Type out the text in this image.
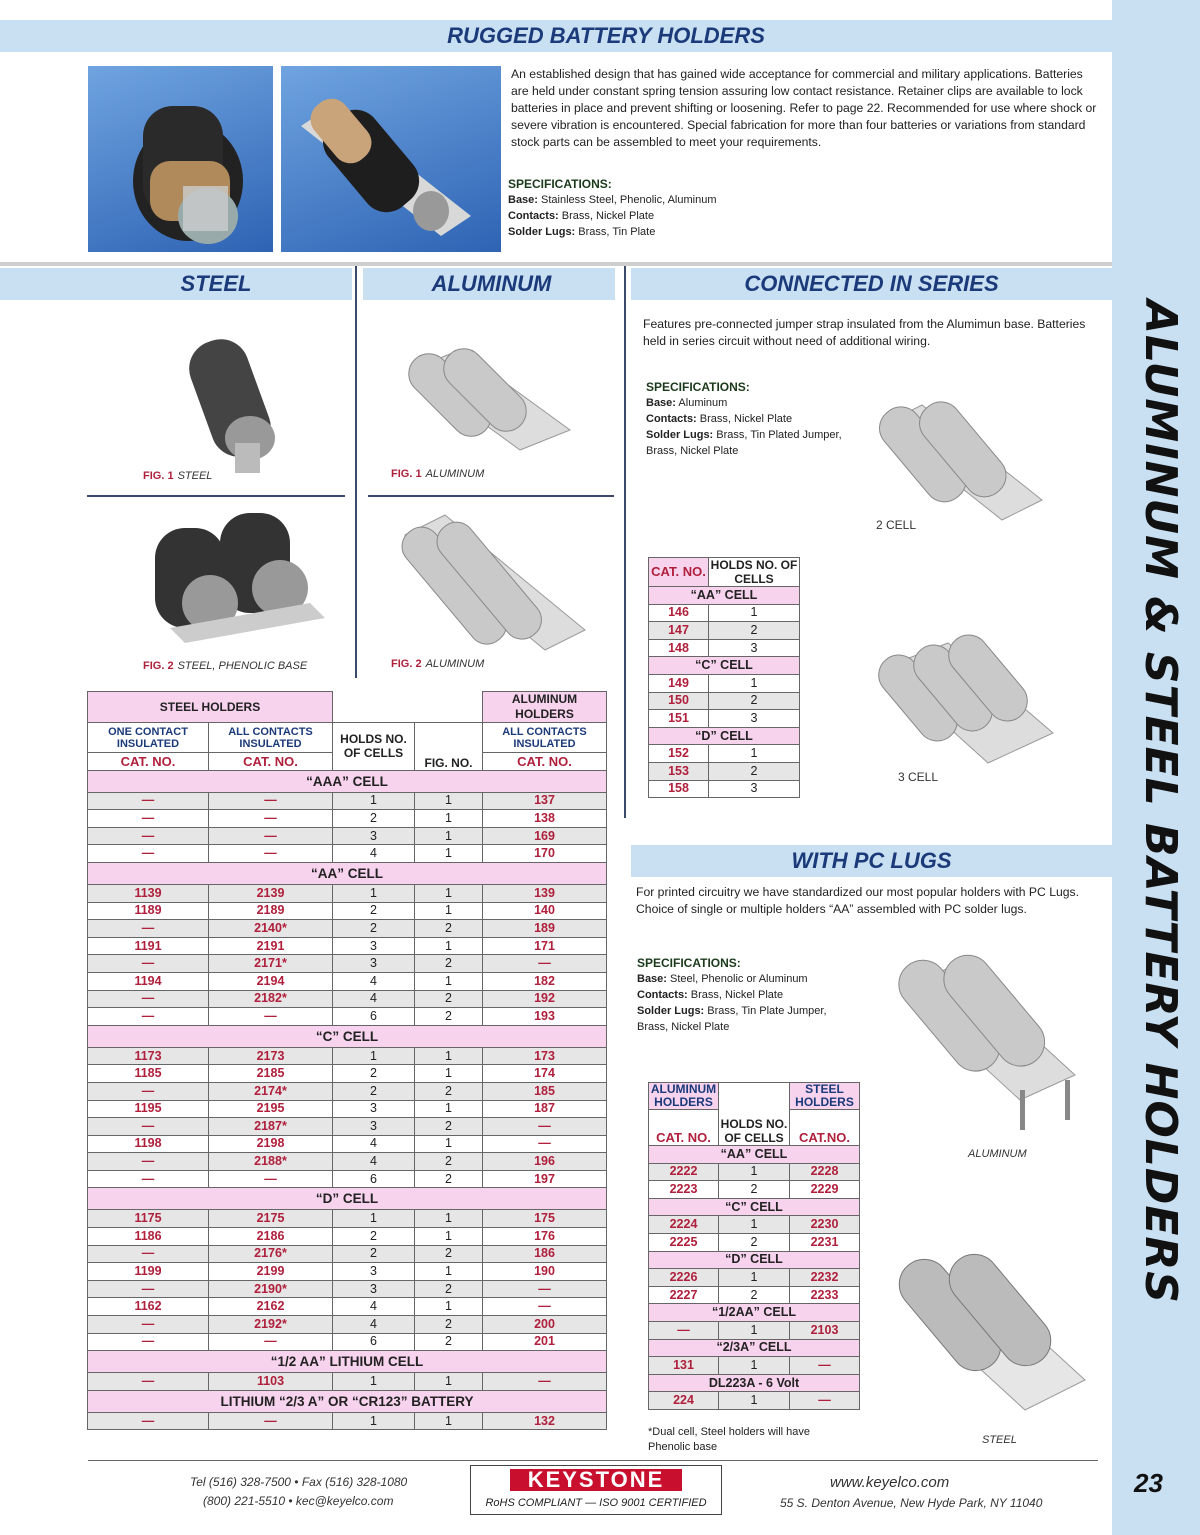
ALUMINUM & STEEL BATTERY HOLDERS
23
RUGGED BATTERY HOLDERS

An established design that has gained wide acceptance for commercial and military applications. Batteries are held under constant spring tension assuring low contact resistance. Retainer clips are available to lock batteries in place and prevent shifting or loosening. Refer to page 22. Recommended for use where shock or severe vibration is encountered. Special fabrication for more than four batteries or variations from standard stock parts can be assembled to meet your requirements.

SPECIFICATIONS:
Base: Stainless Steel, Phenolic, Aluminum
Contacts: Brass, Nickel Plate
Solder Lugs: Brass, Tin Plate
STEEL	ALUMINUM	CONNECTED IN SERIES
FIG. 1 STEEL
FIG. 2 STEEL, PHENOLIC BASE
FIG. 1 ALUMINUM
FIG. 2 ALUMINUM

Features pre-connected jumper strap insulated from the Alumimun base. Batteries held in series circuit without need of additional wiring.

SPECIFICATIONS:
Base: Aluminum
Contacts: Brass, Nickel Plate
Solder Lugs: Brass, Tin Plated Jumper, Brass, Nickel Plate
2 CELL
3 CELL
CAT. NO.	HOLDS NO. OF CELLS
“AA” CELL	
146	1
147	2
148	3
“C” CELL	
149	1
150	2
151	3
“D” CELL	
152	1
153	2
158	3
WITH PC LUGS

For printed circuitry we have standardized our most popular holders with PC Lugs. Choice of single or multiple holders “AA” assembled with PC solder lugs.

SPECIFICATIONS:
Base: Steel, Phenolic or Aluminum
Contacts: Brass, Nickel Plate
Solder Lugs: Brass, Tin Plate Jumper, Brass, Nickel Plate
ALUMINUM
STEEL
ALUMINUM HOLDERS	HOLDS NO. OF CELLS	STEEL HOLDERS
CAT. NO.		CAT.NO.
“AA” CELL		
2222	1	2228
2223	2	2229
“C” CELL		
2224	1	2230
2225	2	2231
“D” CELL		
2226	1	2232
2227	2	2233
“1/2AA” CELL		
—	1	2103
“2/3A” CELL		
131	1	—
DL223A - 6 Volt		
224	1	—
*Dual cell, Steel holders will have Phenolic base
STEEL HOLDERS				ALUMINUM HOLDERS
ONE CONTACT INSULATED	ALL CONTACTS INSULATED	HOLDS NO. OF CELLS	FIG. NO.	ALL CONTACTS INSULATED
CAT. NO.	CAT. NO.			CAT. NO.
“AAA” CELL				
—	—	1	1	137
—	—	2	1	138
—	—	3	1	169
—	—	4	1	170
“AA” CELL				
1139	2139	1	1	139
1189	2189	2	1	140
—	2140*	2	2	189
1191	2191	3	1	171
—	2171*	3	2	—
1194	2194	4	1	182
—	2182*	4	2	192
—	—	6	2	193
“C” CELL				
1173	2173	1	1	173
1185	2185	2	1	174
—	2174*	2	2	185
1195	2195	3	1	187
—	2187*	3	2	—
1198	2198	4	1	—
—	2188*	4	2	196
—	—	6	2	197
“D” CELL				
1175	2175	1	1	175
1186	2186	2	1	176
—	2176*	2	2	186
1199	2199	3	1	190
—	2190*	3	2	—
1162	2162	4	1	—
—	2192*	4	2	200
—	—	6	2	201
“1/2 AA” LITHIUM CELL				
—	1103	1	1	—
LITHIUM “2/3 A” OR “CR123” BATTERY				
—	—	1	1	132
Tel (516) 328-7500 • Fax (516) 328-1080
(800) 221-5510 • kec@keyelco.com
KEYSTONE
RoHS COMPLIANT — ISO 9001 CERTIFIED
www.keyelco.com
55 S. Denton Avenue, New Hyde Park, NY 11040
